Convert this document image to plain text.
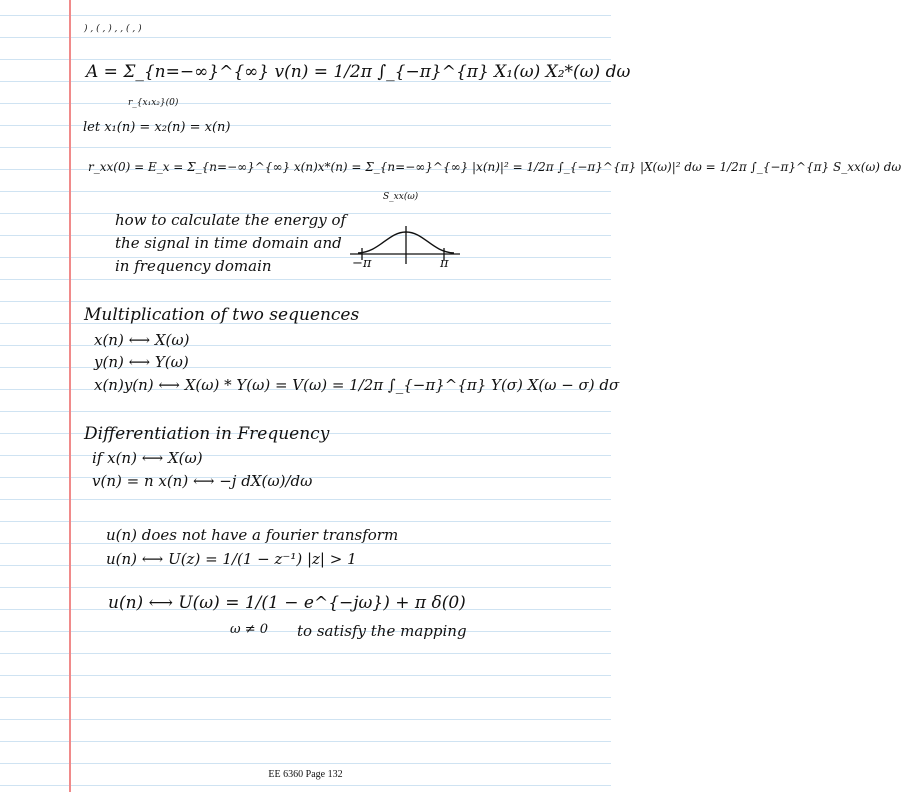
) , ( , ) , , ( , )
A = Σ_{n=−∞}^{∞} v(n) = 1/2π ∫_{−π}^{π} X₁(ω) X₂*(ω) dω
r_{x₁x₂}(0)
let x₁(n) = x₂(n) = x(n)
r_xx(0) = E_x = Σ_{n=−∞}^{∞} x(n)x*(n) = Σ_{n=−∞}^{∞} |x(n)|² = 1/2π ∫_{−π}^{π} |X(ω)|² dω = 1/2π ∫_{−π}^{π} S_xx(ω) dω
S_xx(ω)
how to calculate the energy of
the signal in time domain and
in frequency domain	−π	π
Multiplication of two sequences
x(n) ⟷ X(ω)
y(n) ⟷ Y(ω)
x(n)y(n) ⟷ X(ω) * Y(ω) = V(ω) = 1/2π ∫_{−π}^{π} Y(σ) X(ω − σ) dσ
Differentiation in Frequency
if x(n) ⟷ X(ω)
v(n) = n x(n) ⟷ −j dX(ω)/dω
u(n) does not have a fourier transform
u(n) ⟷ U(z) = 1/(1 − z⁻¹) |z| > 1
u(n) ⟷ U(ω) = 1/(1 − e^{−jω}) + π δ(0)
ω ≠ 0 to satisfy the mapping
EE 6360 Page 132
